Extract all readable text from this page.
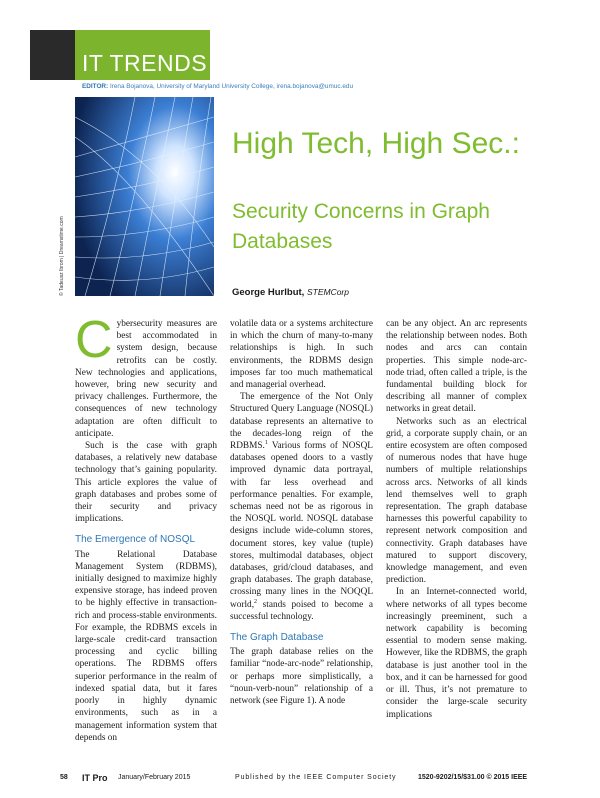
IT TRENDS
EDITOR: Irena Bojanova, University of Maryland University College, irena.bojanova@umuc.edu
© Tadeusz Ibrom | Dreamstime.com
High Tech, High Sec.:
Security Concerns in Graph Databases
George Hurlbut, STEMCorp

Cybersecurity measures are best accommodated in system design, because retrofits can be costly. New technologies and applications, however, bring new security and privacy challenges. Furthermore, the consequences of new technology adaptation are often difficult to anticipate.

Such is the case with graph databases, a relatively new database technology that’s gaining popularity. This article explores the value of graph databases and probes some of their security and privacy implications.

The Emergence of NOSQL

The Relational Database Management System (RDBMS), initially designed to maximize highly expensive storage, has indeed proven to be highly effective in transaction-rich and process-stable environments. For example, the RDBMS excels in large-scale credit-card transaction processing and cyclic billing operations. The RDBMS offers superior performance in the realm of indexed spatial data, but it fares poorly in highly dynamic environments, such as in a management information system that depends on

volatile data or a systems architecture in which the churn of many-to-many relationships is high. In such environments, the RDBMS design imposes far too much mathematical and managerial overhead.

The emergence of the Not Only Structured Query Language (NOSQL) database represents an alternative to the decades-long reign of the RDBMS.$^1$ Various forms of NOSQL databases opened doors to a vastly improved dynamic data portrayal, with far less overhead and performance penalties. For example, schemas need not be as rigorous in the NOSQL world. NOSQL database designs include wide-column stores, document stores, key value (tuple) stores, multimodal databases, object databases, grid/cloud databases, and graph databases. The graph database, crossing many lines in the NOQQL world,$^2$ stands poised to become a successful technology.

The Graph Database

The graph database relies on the familiar “node-arc-node” relationship, or perhaps more simplistically, a “noun-verb-noun” relationship of a network (see Figure 1). A node

can be any object. An arc represents the relationship between nodes. Both nodes and arcs can contain properties. This simple node-arc-node triad, often called a triple, is the fundamental building block for describing all manner of complex networks in great detail.

Networks such as an electrical grid, a corporate supply chain, or an entire ecosystem are often composed of numerous nodes that have huge numbers of multiple relationships across arcs. Networks of all kinds lend themselves well to graph representation. The graph database harnesses this powerful capability to represent network composition and connectivity. Graph databases have matured to support discovery, knowledge management, and even prediction.

In an Internet-connected world, where networks of all types become increasingly preeminent, such a network capability is becoming essential to modern sense making. However, like the RDBMS, the graph database is just another tool in the box, and it can be harnessed for good or ill. Thus, it’s not premature to consider the large-scale security implications

58 IT Pro January/February 2015	Published by the IEEE Computer Society	1520-9202/15/$31.00 © 2015 IEEE
